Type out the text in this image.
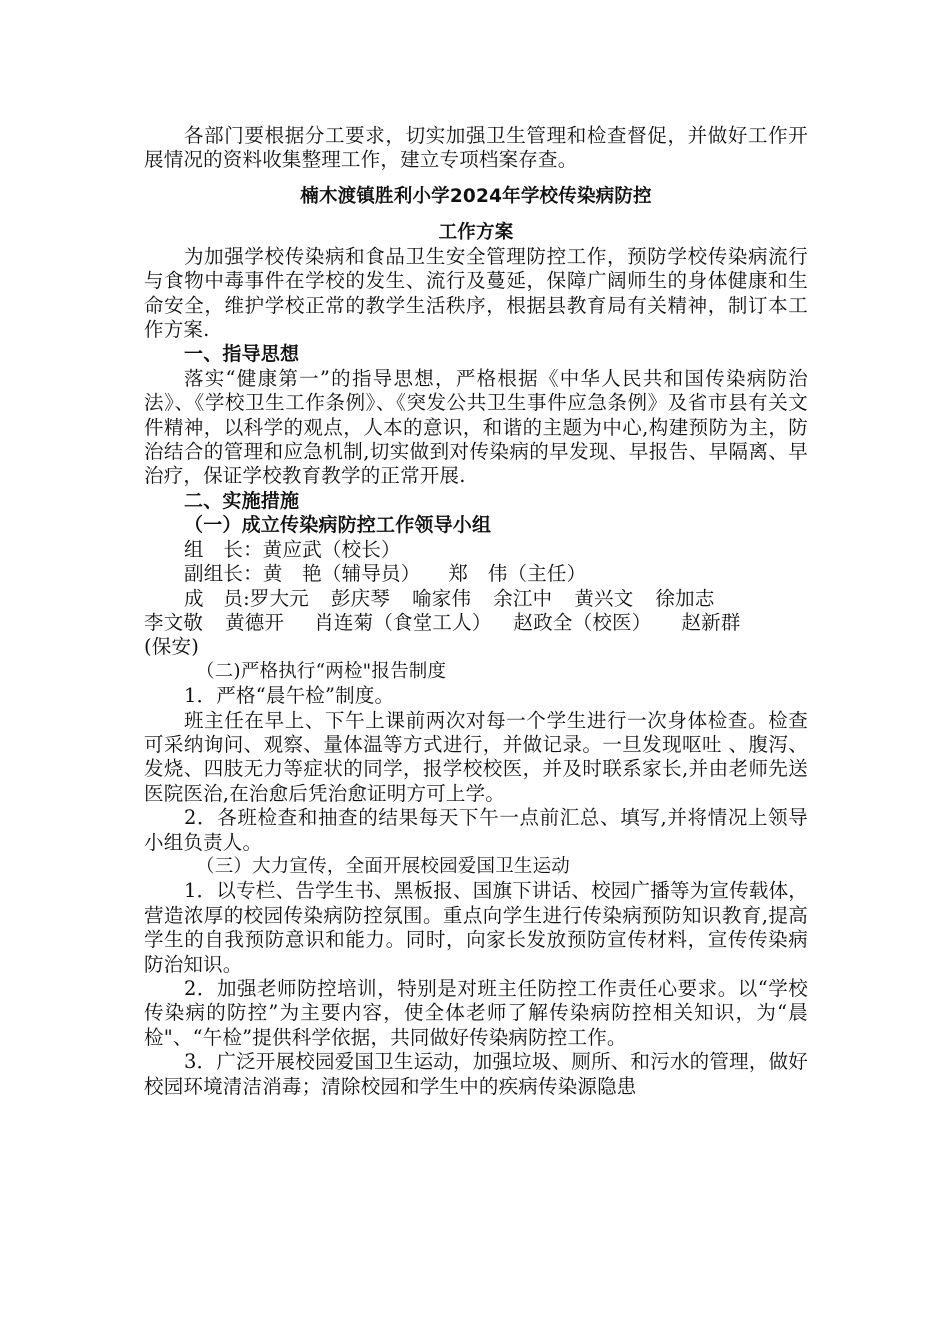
各部门要根据分工要求，切实加强卫生管理和检查督促，并做好工作开展情况的资料收集整理工作，建立专项档案存查。

楠木渡镇胜利小学2024年学校传染病防控

工作方案

为加强学校传染病和食品卫生安全管理防控工作，预防学校传染病流行与食物中毒事件在学校的发生、流行及蔓延，保障广阔师生的身体健康和生命安全，维护学校正常的教学生活秩序，根据县教育局有关精神，制订本工作方案.

一、指导思想

落实“健康第一”的指导思想，严格根据《中华人民共和国传染病防治法》、《学校卫生工作条例》、《突发公共卫生事件应急条例》及省市县有关文件精神，以科学的观点，人本的意识，和谐的主题为中心,构建预防为主，防治结合的管理和应急机制,切实做到对传染病的早发现、早报告、早隔离、早治疗，保证学校教育教学的正常开展.

二、实施措施

（一）成立传染病防控工作领导小组

组　长：黄应武（校长）

副组长：黄　艳（辅导员） 郑　伟（主任）

成　员:罗大元 彭庆琴 喻家伟 余江中 黄兴文 徐加志

李文敬 黄德开 肖连菊（食堂工人） 赵政全（校医） 赵新群

(保安)

（二)严格执行“两检"报告制度

1．严格“晨午检”制度。

班主任在早上、下午上课前两次对每一个学生进行一次身体检查。检查可采纳询问、观察、量体温等方式进行，并做记录。一旦发现呕吐 、腹泻、发烧、四肢无力等症状的同学，报学校校医，并及时联系家长,并由老师先送医院医治,在治愈后凭治愈证明方可上学。

2．各班检查和抽查的结果每天下午一点前汇总、填写,并将情况上领导小组负责人。

（三）大力宣传，全面开展校园爱国卫生运动

1．以专栏、告学生书、黑板报、国旗下讲话、校园广播等为宣传载体，营造浓厚的校园传染病防控氛围。重点向学生进行传染病预防知识教育,提高学生的自我预防意识和能力。同时，向家长发放预防宣传材料，宣传传染病防治知识。

2．加强老师防控培训，特别是对班主任防控工作责任心要求。以“学校传染病的防控”为主要内容，使全体老师了解传染病防控相关知识，为“晨检"、“午检”提供科学依据，共同做好传染病防控工作。

3．广泛开展校园爱国卫生运动，加强垃圾、厕所、和污水的管理，做好校园环境清洁消毒；清除校园和学生中的疾病传染源隐患
